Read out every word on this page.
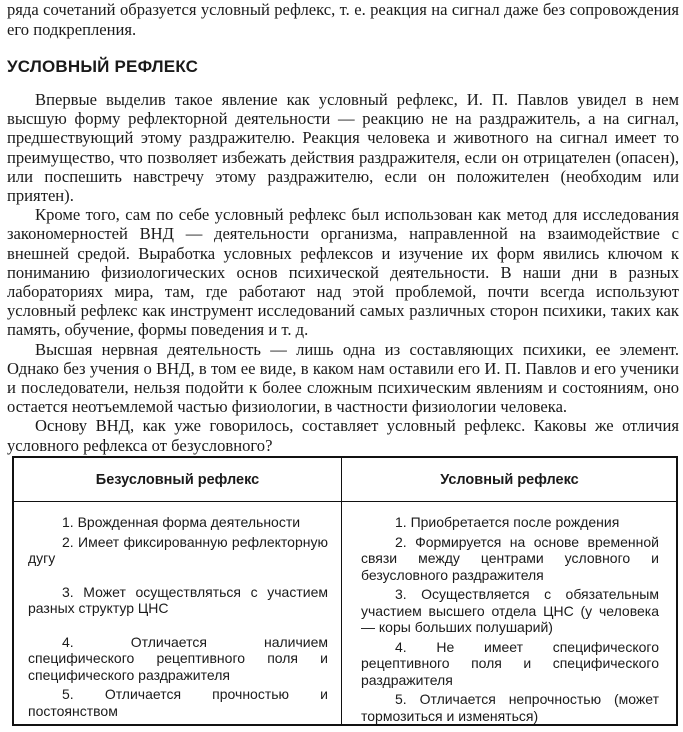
ряда сочетаний образуется условный рефлекс, т. е. реакция на сигнал даже без сопровождения его подкрепления.

УСЛОВНЫЙ РЕФЛЕКС

Впервые выделив такое явление как условный рефлекс, И. П. Павлов увидел в нем высшую форму рефлекторной деятельности — реакцию не на раздражитель, а на сигнал, предшествующий этому раздражителю. Реакция человека и животного на сигнал имеет то преимущество, что позволяет избежать действия раздражителя, если он отрицателен (опасен), или поспешить навстречу этому раздражителю, если он положителен (необходим или приятен).

Кроме того, сам по себе условный рефлекс был использован как метод для исследования закономерностей ВНД — деятельности организма, направленной на взаимодействие с внешней средой. Выработка условных рефлексов и изучение их форм явились ключом к пониманию физиологических основ психической деятельности. В наши дни в разных лабораториях мира, там, где работают над этой проблемой, почти всегда используют условный рефлекс как инструмент исследований самых различных сторон психики, таких как память, обучение, формы поведения и т. д.

Высшая нервная деятельность — лишь одна из составляющих психики, ее элемент. Однако без учения о ВНД, в том ее виде, в каком нам оставили его И. П. Павлов и его ученики и последователи, нельзя подойти к более сложным психическим явлениям и состояниям, оно остается неотъемлемой частью физиологии, в частности физиологии человека.

Основу ВНД, как уже говорилось, составляет условный рефлекс. Каковы же отличия условного рефлекса от безусловного?

Безусловный рефлекс	Условный рефлекс

1. Врожденная форма деятельности

2. Имеет фиксированную рефлекторную дугу

3. Может осуществляться с участием разных структур ЦНС

4. Отличается наличием специфического рецептивного поля и специфического раздражителя

5. Отличается прочностью и постоянством

1. Приобретается после рождения

2. Формируется на основе временной связи между центрами условного и безусловного раздражителя

3. Осуществляется с обязательным участием высшего отдела ЦНС (у человека — коры больших полушарий)

4. Не имеет специфического рецептивного поля и специфического раздражителя

5. Отличается непрочностью (может тормозиться и изменяться)
